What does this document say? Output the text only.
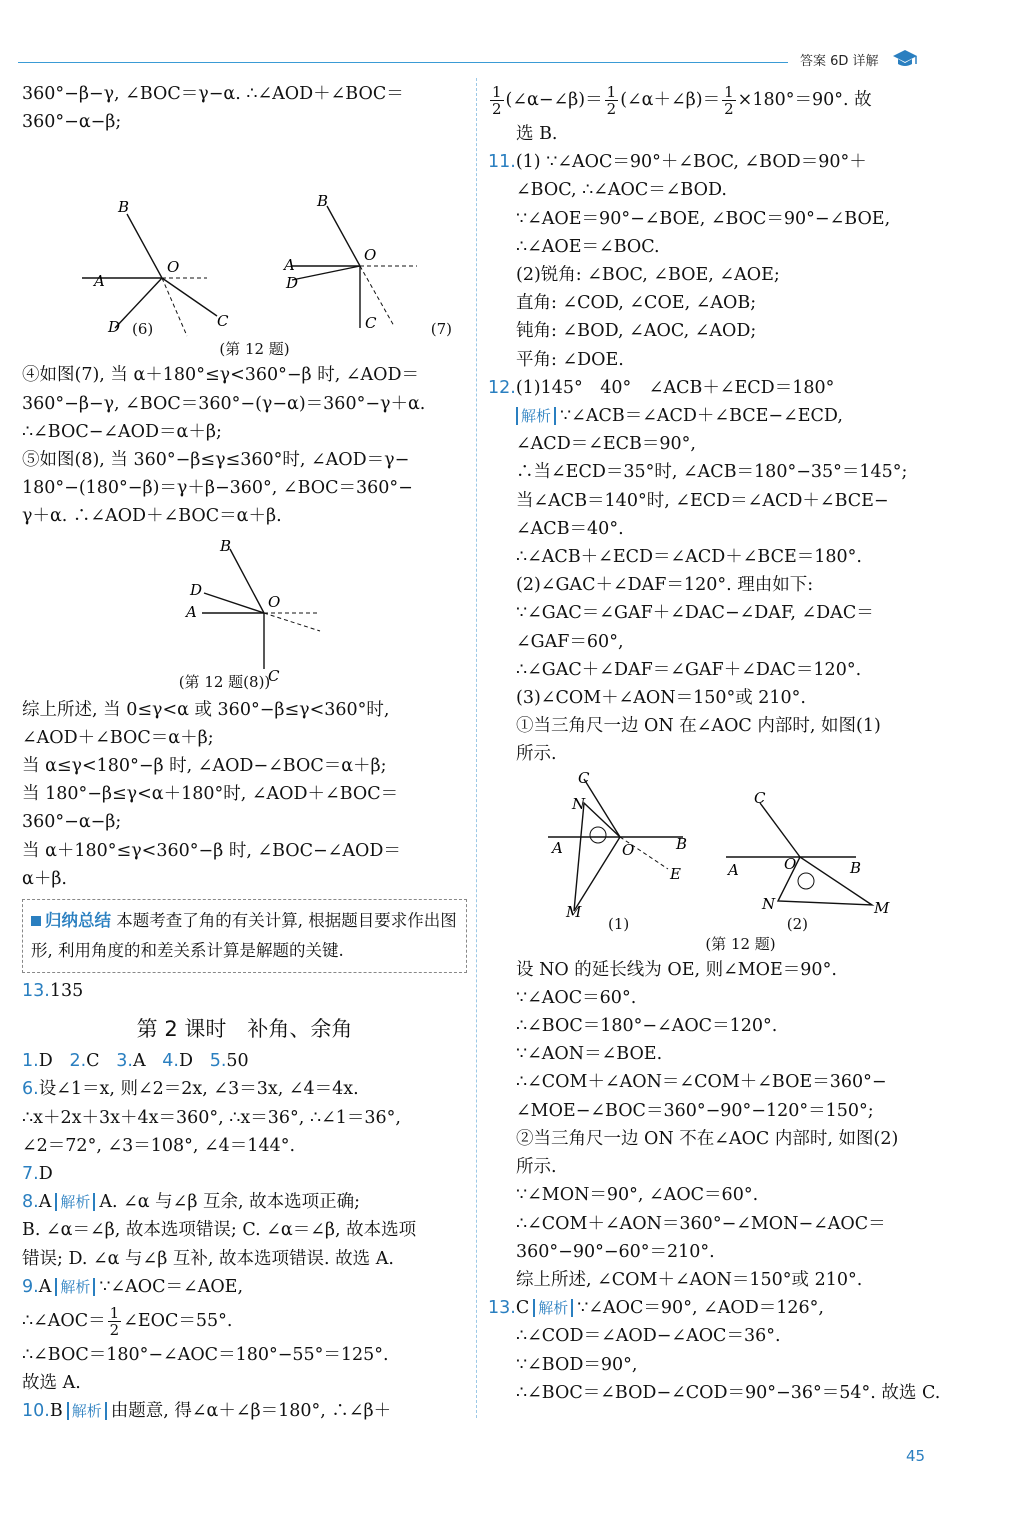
答案 6D 详解
360°−β−γ, ∠BOC＝γ−α. ∴∠AOD＋∠BOC＝
360°−α−β;
B
A
O
D	C
B
A
D
O
C
(6)	(7)
(第 12 题)
④如图(7), 当 α＋180°≤γ<360°−β 时, ∠AOD＝
360°−β−γ, ∠BOC＝360°−(γ−α)＝360°−γ＋α.
∴∠BOC−∠AOD＝α＋β;
⑤如图(8), 当 360°−β≤γ≤360°时, ∠AOD＝γ−
180°−(180°−β)＝γ＋β−360°, ∠BOC＝360°−
γ＋α. ∴∠AOD＋∠BOC＝α＋β.
B
D
A
O
C
(第 12 题(8))
综上所述, 当 0≤γ<α 或 360°−β≤γ<360°时,
∠AOD＋∠BOC＝α＋β;
当 α≤γ<180°−β 时, ∠AOD−∠BOC＝α＋β;
当 180°−β≤γ<α＋180°时, ∠AOD＋∠BOC＝
360°−α−β;
当 α＋180°≤γ<360°−β 时, ∠BOC−∠AOD＝
α＋β.
归纳总结 本题考查了角的有关计算, 根据题目要求作出图形, 利用角度的和差关系计算是解题的关键.
13.135
第 2 课时　补角、余角
1.D 2.C 3.A 4.D 5.50
6.设∠1＝x, 则∠2＝2x, ∠3＝3x, ∠4＝4x.
∴x＋2x＋3x＋4x＝360°, ∴x＝36°, ∴∠1＝36°,
∠2＝72°, ∠3＝108°, ∠4＝144°.
7.D
8.A 解析 A. ∠α 与∠β 互余, 故本选项正确;
B. ∠α＝∠β, 故本选项错误; C. ∠α＝∠β, 故本选项
错误; D. ∠α 与∠β 互补, 故本选项错误. 故选 A.
9.A 解析 ∵∠AOC＝∠AOE,
∴∠AOC＝ $\frac{1}{2}$ ∠EOC＝55°.
∴∠BOC＝180°−∠AOC＝180°−55°＝125°.
故选 A.
10.B 解析 由题意, 得∠α＋∠β＝180°, ∴∠β＋
$\frac{1}{2}$ (∠α−∠β)＝ $\frac{1}{2}$ (∠α＋∠β)＝ $\frac{1}{2} \times 180^\circ=90^\circ$. 故
选 B.
11.(1) ∵∠AOC＝90°＋∠BOC, ∠BOD＝90°＋
∠BOC, ∴∠AOC＝∠BOD.
∵∠AOE＝90°−∠BOE, ∠BOC＝90°−∠BOE,
∴∠AOE＝∠BOC.
(2)锐角: ∠BOC, ∠BOE, ∠AOE;
直角: ∠COD, ∠COE, ∠AOB;
钝角: ∠BOD, ∠AOC, ∠AOD;
平角: ∠DOE.
12.(1)145°　40°　∠ACB＋∠ECD＝180°
解析 ∵∠ACB＝∠ACD＋∠BCE−∠ECD,
∠ACD＝∠ECB＝90°,
∴当∠ECD＝35°时, ∠ACB＝180°−35°＝145°;
当∠ACB＝140°时, ∠ECD＝∠ACD＋∠BCE−
∠ACB＝40°.
∴∠ACB＋∠ECD＝∠ACD＋∠BCE＝180°.
(2)∠GAC＋∠DAF＝120°. 理由如下:
∵∠GAC＝∠GAF＋∠DAC−∠DAF, ∠DAC＝
∠GAF＝60°,
∴∠GAC＋∠DAF＝∠GAF＋∠DAC＝120°.
(3)∠COM＋∠AON＝150°或 210°.
①当三角尺一边 ON 在∠AOC 内部时, 如图(1)
所示.
C
N
A	O	B
E
M
C
A	O	B
N	M
(1)	(2)
(第 12 题)
设 NO 的延长线为 OE, 则∠MOE＝90°.
∵∠AOC＝60°.
∴∠BOC＝180°−∠AOC＝120°.
∵∠AON＝∠BOE.
∴∠COM＋∠AON＝∠COM＋∠BOE＝360°−
∠MOE−∠BOC＝360°−90°−120°＝150°;
②当三角尺一边 ON 不在∠AOC 内部时, 如图(2)
所示.
∵∠MON＝90°, ∠AOC＝60°.
∴∠COM＋∠AON＝360°−∠MON−∠AOC＝
360°−90°−60°＝210°.
综上所述, ∠COM＋∠AON＝150°或 210°.
13.C 解析 ∵∠AOC＝90°, ∠AOD＝126°,
∴∠COD＝∠AOD−∠AOC＝36°.
∵∠BOD＝90°,
∴∠BOC＝∠BOD−∠COD＝90°−36°＝54°. 故选 C.
45
